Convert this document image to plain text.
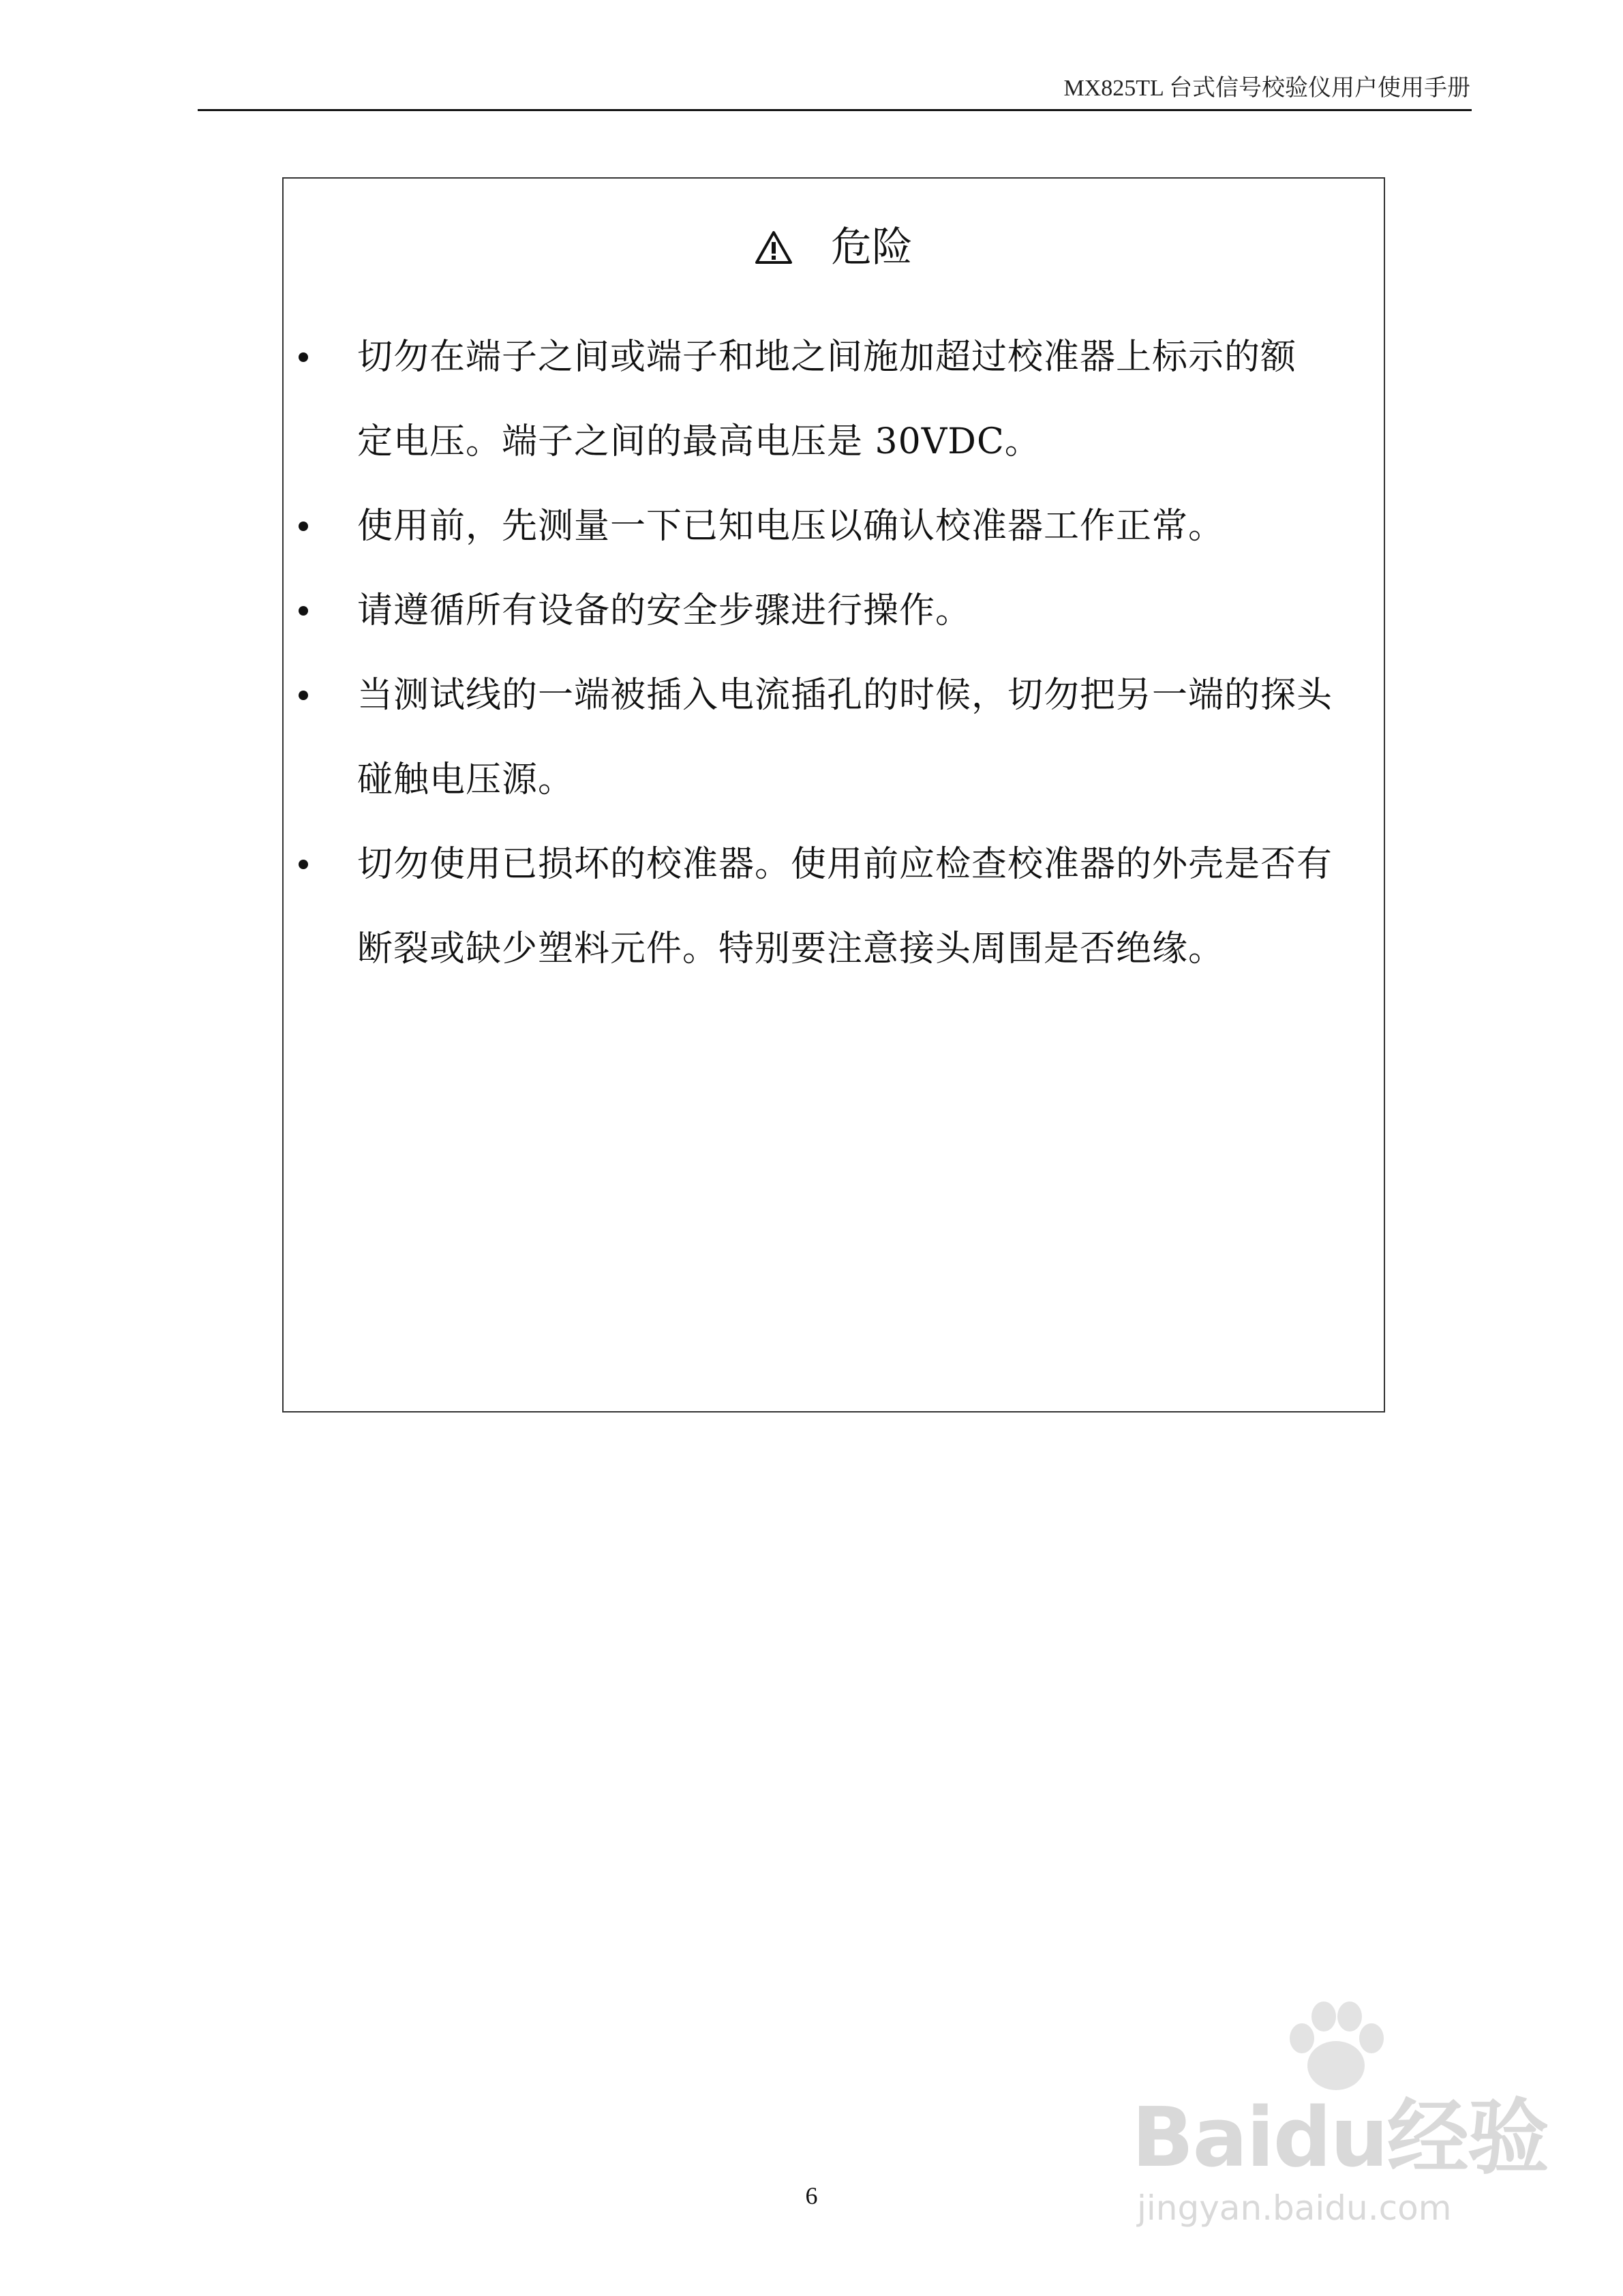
MX825TL 台式信号校验仪用户使用手册
危险
切勿在端子之间或端子和地之间施加超过校准器上标示的额
定电压。端子之间的最高电压是 30VDC。
使用前，先测量一下已知电压以确认校准器工作正常。
请遵循所有设备的安全步骤进行操作。
当测试线的一端被插入电流插孔的时候，切勿把另一端的探头
碰触电压源。
切勿使用已损坏的校准器。使用前应检查校准器的外壳是否有
断裂或缺少塑料元件。特别要注意接头周围是否绝缘。
6
Baidu经验
jingyan.baidu.com
